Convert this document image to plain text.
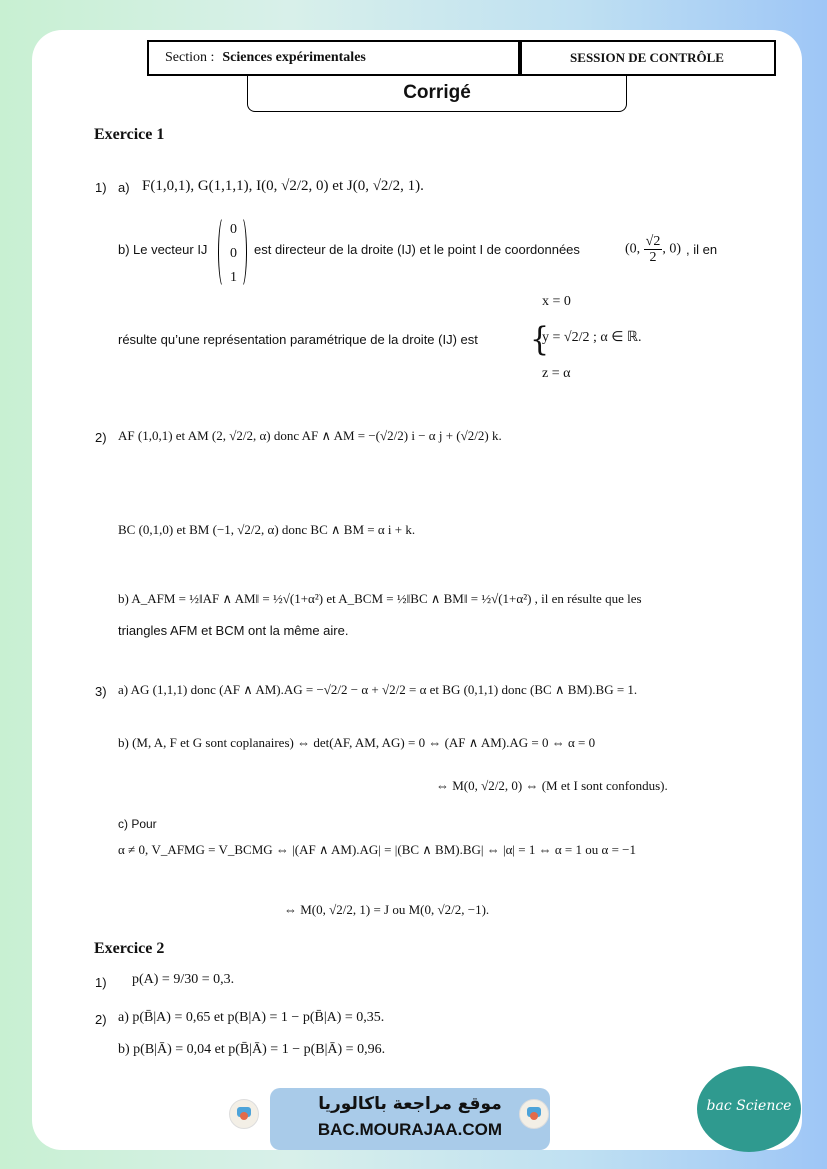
Section : Sciences expérimentales	SESSION DE CONTRÔLE
Corrigé
Exercice 1
1) a) F(1,0,1), G(1,1,1), I(0, √2/2, 0) et J(0, √2/2, 1).
b) Le vecteur IJ
0
0
1
est directeur de la droite (IJ) et le point I de coordonnées	(0, $\frac{√2}{2}$ , 0) , il en
résulte qu’une représentation paramétrique de la droite (IJ) est {
x = 0
y = √2/2 ; α ∈ ℝ.
z = α
2) AF (1,0,1) et AM (2, √2/2, α) donc AF ∧ AM = −(√2/2) i − α j + (√2/2) k.
BC (0,1,0) et BM (−1, √2/2, α) donc BC ∧ BM = α i + k.
b) A_AFM = ½‖AF ∧ AM‖ = ½√(1+α²) et A_BCM = ½‖BC ∧ BM‖ = ½√(1+α²) , il en résulte que les
triangles AFM et BCM ont la même aire.
3) a) AG (1,1,1) donc (AF ∧ AM).AG = −√2/2 − α + √2/2 = α et BG (0,1,1) donc (BC ∧ BM).BG = 1.
b) (M, A, F et G sont coplanaires) ⇔ det(AF, AM, AG) = 0 ⇔ (AF ∧ AM).AG = 0 ⇔ α = 0
⇔ M(0, √2/2, 0) ⇔ (M et I sont confondus).
c) Pour
α ≠ 0, V_AFMG = V_BCMG ⇔ |(AF ∧ AM).AG| = |(BC ∧ BM).BG| ⇔ |α| = 1 ⇔ α = 1 ou α = −1
⇔ M(0, √2/2, 1) = J ou M(0, √2/2, −1).
Exercice 2
1) p(A) = 9/30 = 0,3.
2) a) p(B̄|A) = 0,65 et p(B|A) = 1 − p(B̄|A) = 0,35.
b) p(B|Ā) = 0,04 et p(B̄|Ā) = 1 − p(B|Ā) = 0,96.
موقع مراجعة باكالوريا
BAC.MOURAJAA.COM
bac Science
